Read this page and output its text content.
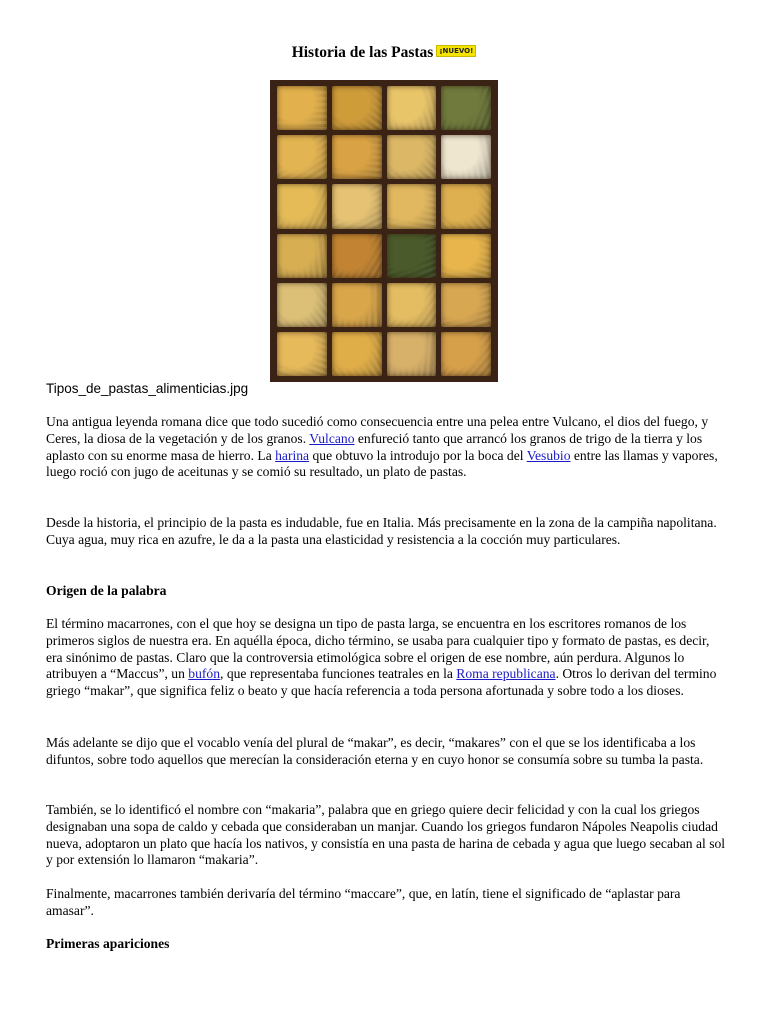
Historia de las Pastas ¡NUEVO!
Tipos_de_pastas_alimenticias.jpg

Una antigua leyenda romana dice que todo sucedió como consecuencia entre una pelea entre Vulcano, el dios del fuego, y Ceres, la diosa de la vegetación y de los granos. Vulcano enfureció tanto que arrancó los granos de trigo de la tierra y los aplasto con su enorme masa de hierro. La harina que obtuvo la introdujo por la boca del Vesubio entre las llamas y vapores, luego roció con jugo de aceitunas y se comió su resultado, un plato de pastas.

Desde la historia, el principio de la pasta es indudable, fue en Italia. Más precisamente en la zona de la campiña napolitana. Cuya agua, muy rica en azufre, le da a la pasta una elasticidad y resistencia a la cocción muy particulares.

Origen de la palabra

El término macarrones, con el que hoy se designa un tipo de pasta larga, se encuentra en los escritores romanos de los primeros siglos de nuestra era. En aquélla época, dicho término, se usaba para cualquier tipo y formato de pastas, es decir, era sinónimo de pastas. Claro que la controversia etimológica sobre el origen de ese nombre, aún perdura. Algunos lo atribuyen a “Maccus”, un bufón, que representaba funciones teatrales en la Roma republicana. Otros lo derivan del termino griego “makar”, que significa feliz o beato y que hacía referencia a toda persona afortunada y sobre todo a los dioses.

Más adelante se dijo que el vocablo venía del plural de “makar”, es decir, “makares” con el que se los identificaba a los difuntos, sobre todo aquellos que merecían la consideración eterna y en cuyo honor se consumía sobre su tumba la pasta.

También, se lo identificó el nombre con “makaria”, palabra que en griego quiere decir felicidad y con la cual los griegos designaban una sopa de caldo y cebada que consideraban un manjar. Cuando los griegos fundaron Nápoles Neapolis ciudad nueva, adoptaron un plato que hacía los nativos, y consistía en una pasta de harina de cebada y agua que luego secaban al sol y por extensión lo llamaron “makaria”.

Finalmente, macarrones también derivaría del término “maccare”, que, en latín, tiene el significado de “aplastar para amasar”.

Primeras apariciones
